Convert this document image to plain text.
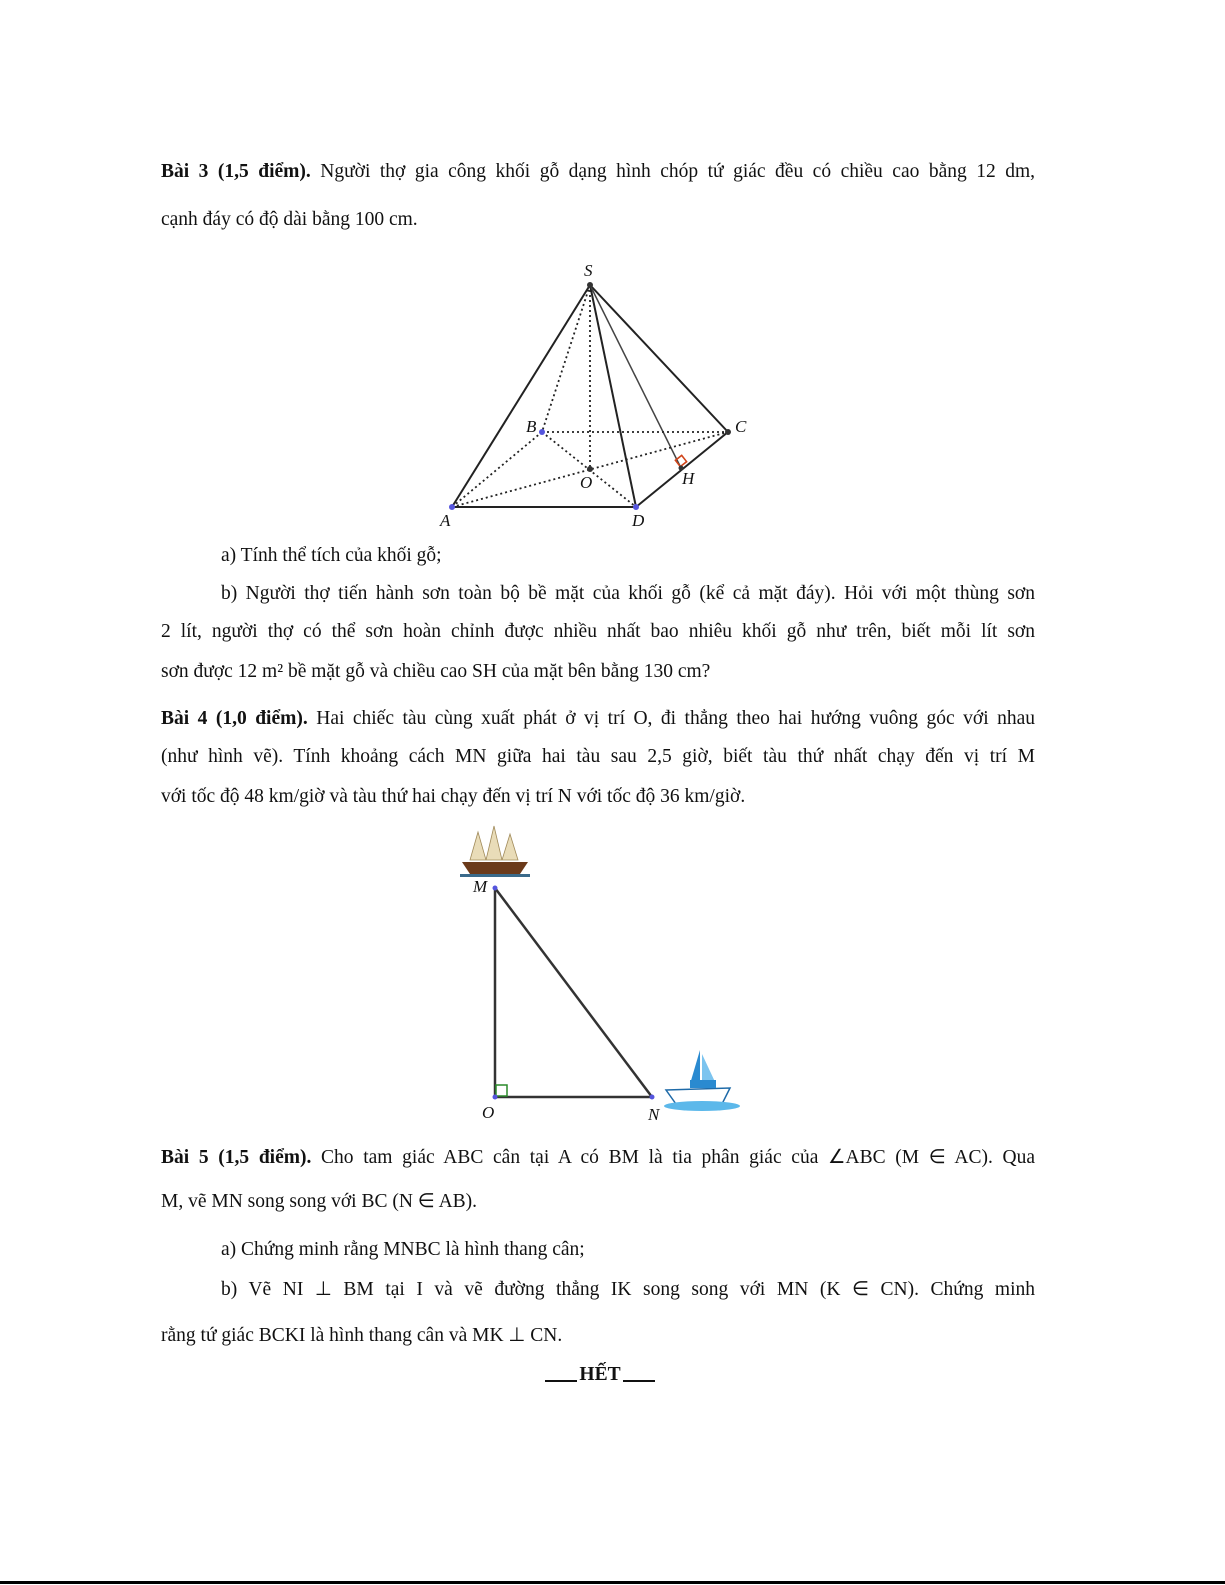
Bài 3 (1,5 điểm). Người thợ gia công khối gỗ dạng hình chóp tứ giác đều có chiều cao bằng 12 dm,
cạnh đáy có độ dài bằng 100 cm.
S
A	D
B	C
O	H
M
O	N
a) Tính thể tích của khối gỗ;
b) Người thợ tiến hành sơn toàn bộ bề mặt của khối gỗ (kể cả mặt đáy). Hỏi với một thùng sơn
2 lít, người thợ có thể sơn hoàn chỉnh được nhiều nhất bao nhiêu khối gỗ như trên, biết mỗi lít sơn
sơn được 12 m² bề mặt gỗ và chiều cao SH của mặt bên bằng 130 cm?
Bài 4 (1,0 điểm). Hai chiếc tàu cùng xuất phát ở vị trí O, đi thẳng theo hai hướng vuông góc với nhau
(như hình vẽ). Tính khoảng cách MN giữa hai tàu sau 2,5 giờ, biết tàu thứ nhất chạy đến vị trí M
với tốc độ 48 km/giờ và tàu thứ hai chạy đến vị trí N với tốc độ 36 km/giờ.
Bài 5 (1,5 điểm). Cho tam giác ABC cân tại A có BM là tia phân giác của ∠ABC (M ∈ AC). Qua
M, vẽ MN song song với BC (N ∈ AB).
a) Chứng minh rằng MNBC là hình thang cân;
b) Vẽ NI ⊥ BM tại I và vẽ đường thẳng IK song song với MN (K ∈ CN). Chứng minh
rằng tứ giác BCKI là hình thang cân và MK ⊥ CN.
HẾT
